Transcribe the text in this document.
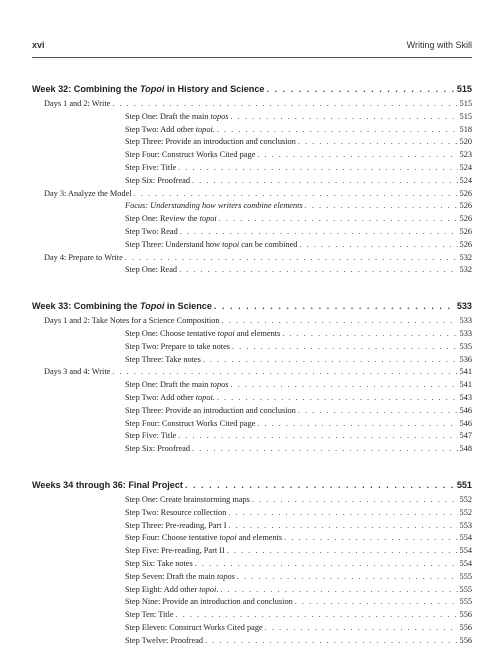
xvi	Writing with Skill
Week 32: Combining the Topoi in History and Science . . .	515
Days 1 and 2: Write . . .	515
Step One: Draft the main topos . . .	515
Step Two: Add other topoi. . . .	518
Step Three: Provide an introduction and conclusion . . .	520
Step Four: Construct Works Cited page . . .	523
Step Five: Title . . .	524
Step Six: Proofread . . .	524
Day 3: Analyze the Model . . .	526
Focus: Understanding how writers combine elements . . .	526
Step One: Review the topoi . . .	526
Step Two: Read . . .	526
Step Three: Understand how topoi can be combined . . .	526
Day 4: Prepare to Write . . .	532
Step One: Read . . .	532
Week 33: Combining the Topoi in Science . . .	533
Days 1 and 2: Take Notes for a Science Composition . . .	533
Step One: Choose tentative topoi and elements . . .	533
Step Two: Prepare to take notes . . .	535
Step Three: Take notes . . .	536
Days 3 and 4: Write . . .	541
Step One: Draft the main topos . . .	541
Step Two: Add other topoi. . . .	543
Step Three: Provide an introduction and conclusion . . .	546
Step Four: Construct Works Cited page . . .	546
Step Five: Title . . .	547
Step Six: Proofread . . .	548
Weeks 34 through 36: Final Project . . .	551
Step One: Create brainstorming maps . . .	552
Step Two: Resource collection . . .	552
Step Three: Pre-reading, Part I . . .	553
Step Four: Choose tentative topoi and elements . . .	554
Step Five: Pre-reading, Part II . . .	554
Step Six: Take notes . . .	554
Step Seven: Draft the main topos . . .	555
Step Eight: Add other topoi. . . .	555
Step Nine: Provide an introduction and conclusion . . .	555
Step Ten: Title . . .	556
Step Eleven: Construct Works Cited page . . .	556
Step Twelve: Proofread . . .	556
